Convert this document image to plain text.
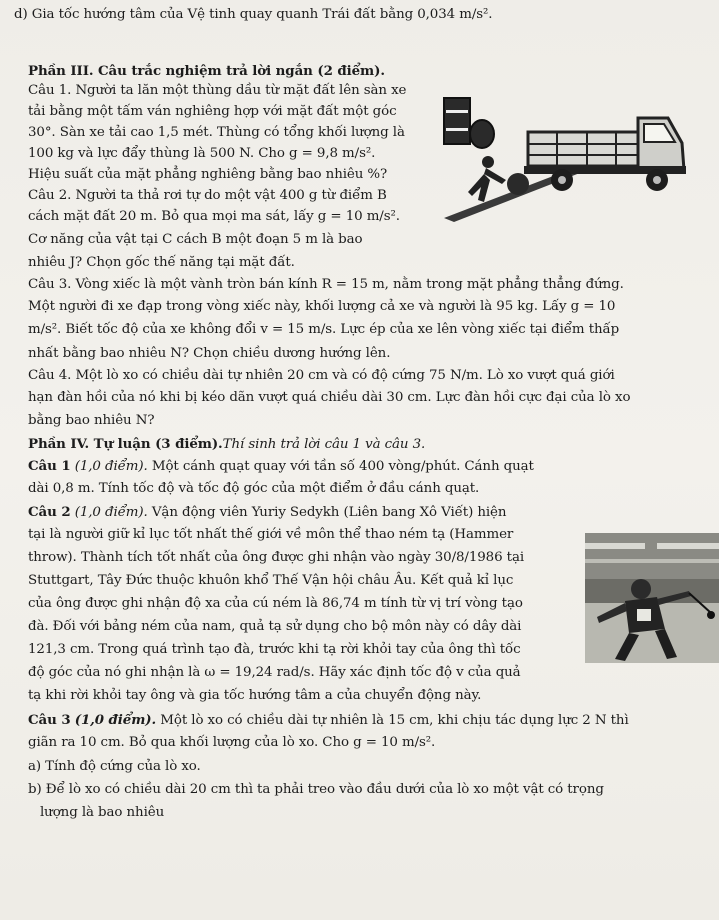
d) Gia tốc hướng tâm của Vệ tinh quay quanh Trái đất bằng 0,034 m/s².
Phần III. Câu trắc nghiệm trả lời ngắn (2 điểm).
Câu 1. Người ta lăn một thùng dầu từ mặt đất lên sàn xe
tải bằng một tấm ván nghiêng hợp với mặt đất một góc
30°. Sàn xe tải cao 1,5 mét. Thùng có tổng khối lượng là
100 kg và lực đẩy thùng là 500 N. Cho g = 9,8 m/s².
Hiệu suất của mặt phẳng nghiêng bằng bao nhiêu %?
Câu 2. Người ta thả rơi tự do một vật 400 g từ điểm B
cách mặt đất 20 m. Bỏ qua mọi ma sát, lấy g = 10 m/s².
Cơ năng của vật tại C cách B một đoạn 5 m là bao
nhiêu J? Chọn gốc thế năng tại mặt đất.
Câu 3. Vòng xiếc là một vành tròn bán kính R = 15 m, nằm trong mặt phẳng thẳng đứng.
Một người đi xe đạp trong vòng xiếc này, khối lượng cả xe và người là 95 kg. Lấy g = 10
m/s². Biết tốc độ của xe không đổi v = 15 m/s. Lực ép của xe lên vòng xiếc tại điểm thấp
nhất bằng bao nhiêu N? Chọn chiều dương hướng lên.
Câu 4. Một lò xo có chiều dài tự nhiên 20 cm và có độ cứng 75 N/m. Lò xo vượt quá giới
hạn đàn hồi của nó khi bị kéo dãn vượt quá chiều dài 30 cm. Lực đàn hồi cực đại của lò xo
bằng bao nhiêu N?
Phần IV. Tự luận (3 điểm).Thí sinh trả lời câu 1 và câu 3.
Câu 1 (1,0 điểm). Một cánh quạt quay với tần số 400 vòng/phút. Cánh quạt
dài 0,8 m. Tính tốc độ và tốc độ góc của một điểm ở đầu cánh quạt.
Câu 2 (1,0 điểm). Vận động viên Yuriy Sedykh (Liên bang Xô Viết) hiện
tại là người giữ kỉ lục tốt nhất thế giới về môn thể thao ném tạ (Hammer
throw). Thành tích tốt nhất của ông được ghi nhận vào ngày 30/8/1986 tại
Stuttgart, Tây Đức thuộc khuôn khổ Thế Vận hội châu Âu. Kết quả kỉ lục
của ông được ghi nhận độ xa của cú ném là 86,74 m tính từ vị trí vòng tạo
đà. Đối với bảng ném của nam, quả tạ sử dụng cho bộ môn này có dây dài
121,3 cm. Trong quá trình tạo đà, trước khi tạ rời khỏi tay của ông thì tốc
độ góc của nó ghi nhận là ω = 19,24 rad/s. Hãy xác định tốc độ v của quả
tạ khi rời khỏi tay ông và gia tốc hướng tâm a của chuyển động này.
Câu 3 (1,0 điểm). Một lò xo có chiều dài tự nhiên là 15 cm, khi chịu tác dụng lực 2 N thì
giãn ra 10 cm. Bỏ qua khối lượng của lò xo. Cho g = 10 m/s².
a) Tính độ cứng của lò xo.
b) Để lò xo có chiều dài 20 cm thì ta phải treo vào đầu dưới của lò xo một vật có trọng
lượng là bao nhiêu
